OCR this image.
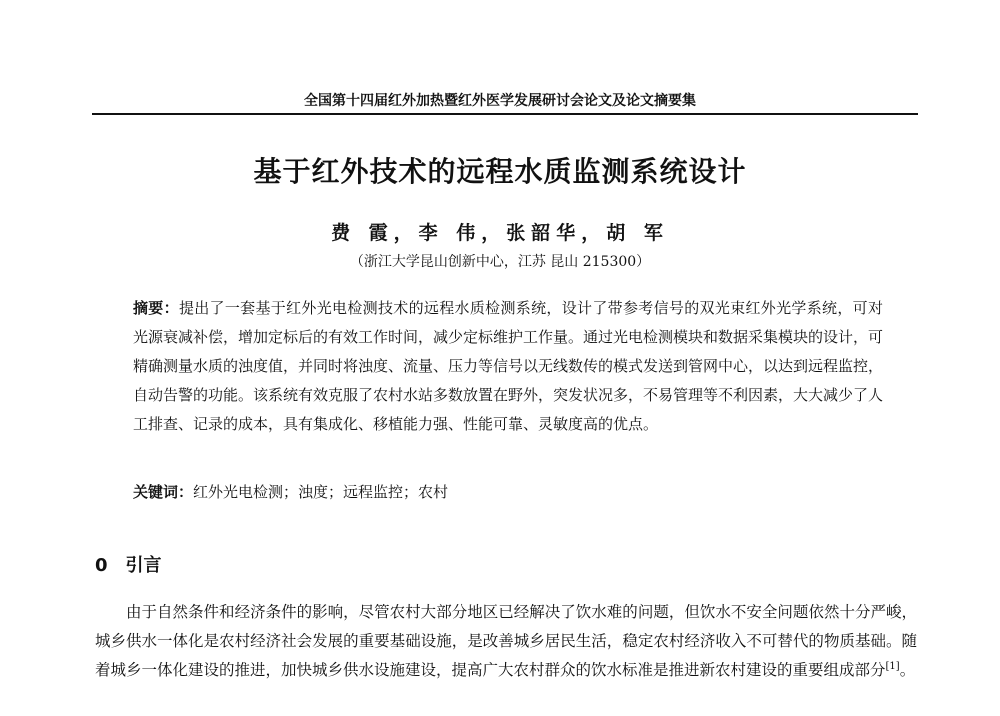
全国第十四届红外加热暨红外医学发展研讨会论文及论文摘要集
基于红外技术的远程水质监测系统设计
费 霞，李 伟，张韶华，胡 军
（浙江大学昆山创新中心，江苏 昆山 215300）
摘要：提出了一套基于红外光电检测技术的远程水质检测系统，设计了带参考信号的双光束红外光学系统，可对光源衰减补偿，增加定标后的有效工作时间，减少定标维护工作量。通过光电检测模块和数据采集模块的设计，可精确测量水质的浊度值，并同时将浊度、流量、压力等信号以无线数传的模式发送到管网中心，以达到远程监控，自动告警的功能。该系统有效克服了农村水站多数放置在野外，突发状况多，不易管理等不利因素，大大减少了人工排查、记录的成本，具有集成化、移植能力强、性能可靠、灵敏度高的优点。
关键词：红外光电检测；浊度；远程监控；农村
0 引言
由于自然条件和经济条件的影响，尽管农村大部分地区已经解决了饮水难的问题，但饮水不安全问题依然十分严峻，城乡供水一体化是农村经济社会发展的重要基础设施，是改善城乡居民生活，稳定农村经济收入不可替代的物质基础。随着城乡一体化建设的推进，加快城乡供水设施建设，提高广大农村群众的饮水标准是推进新农村建设的重要组成部分[1]。
